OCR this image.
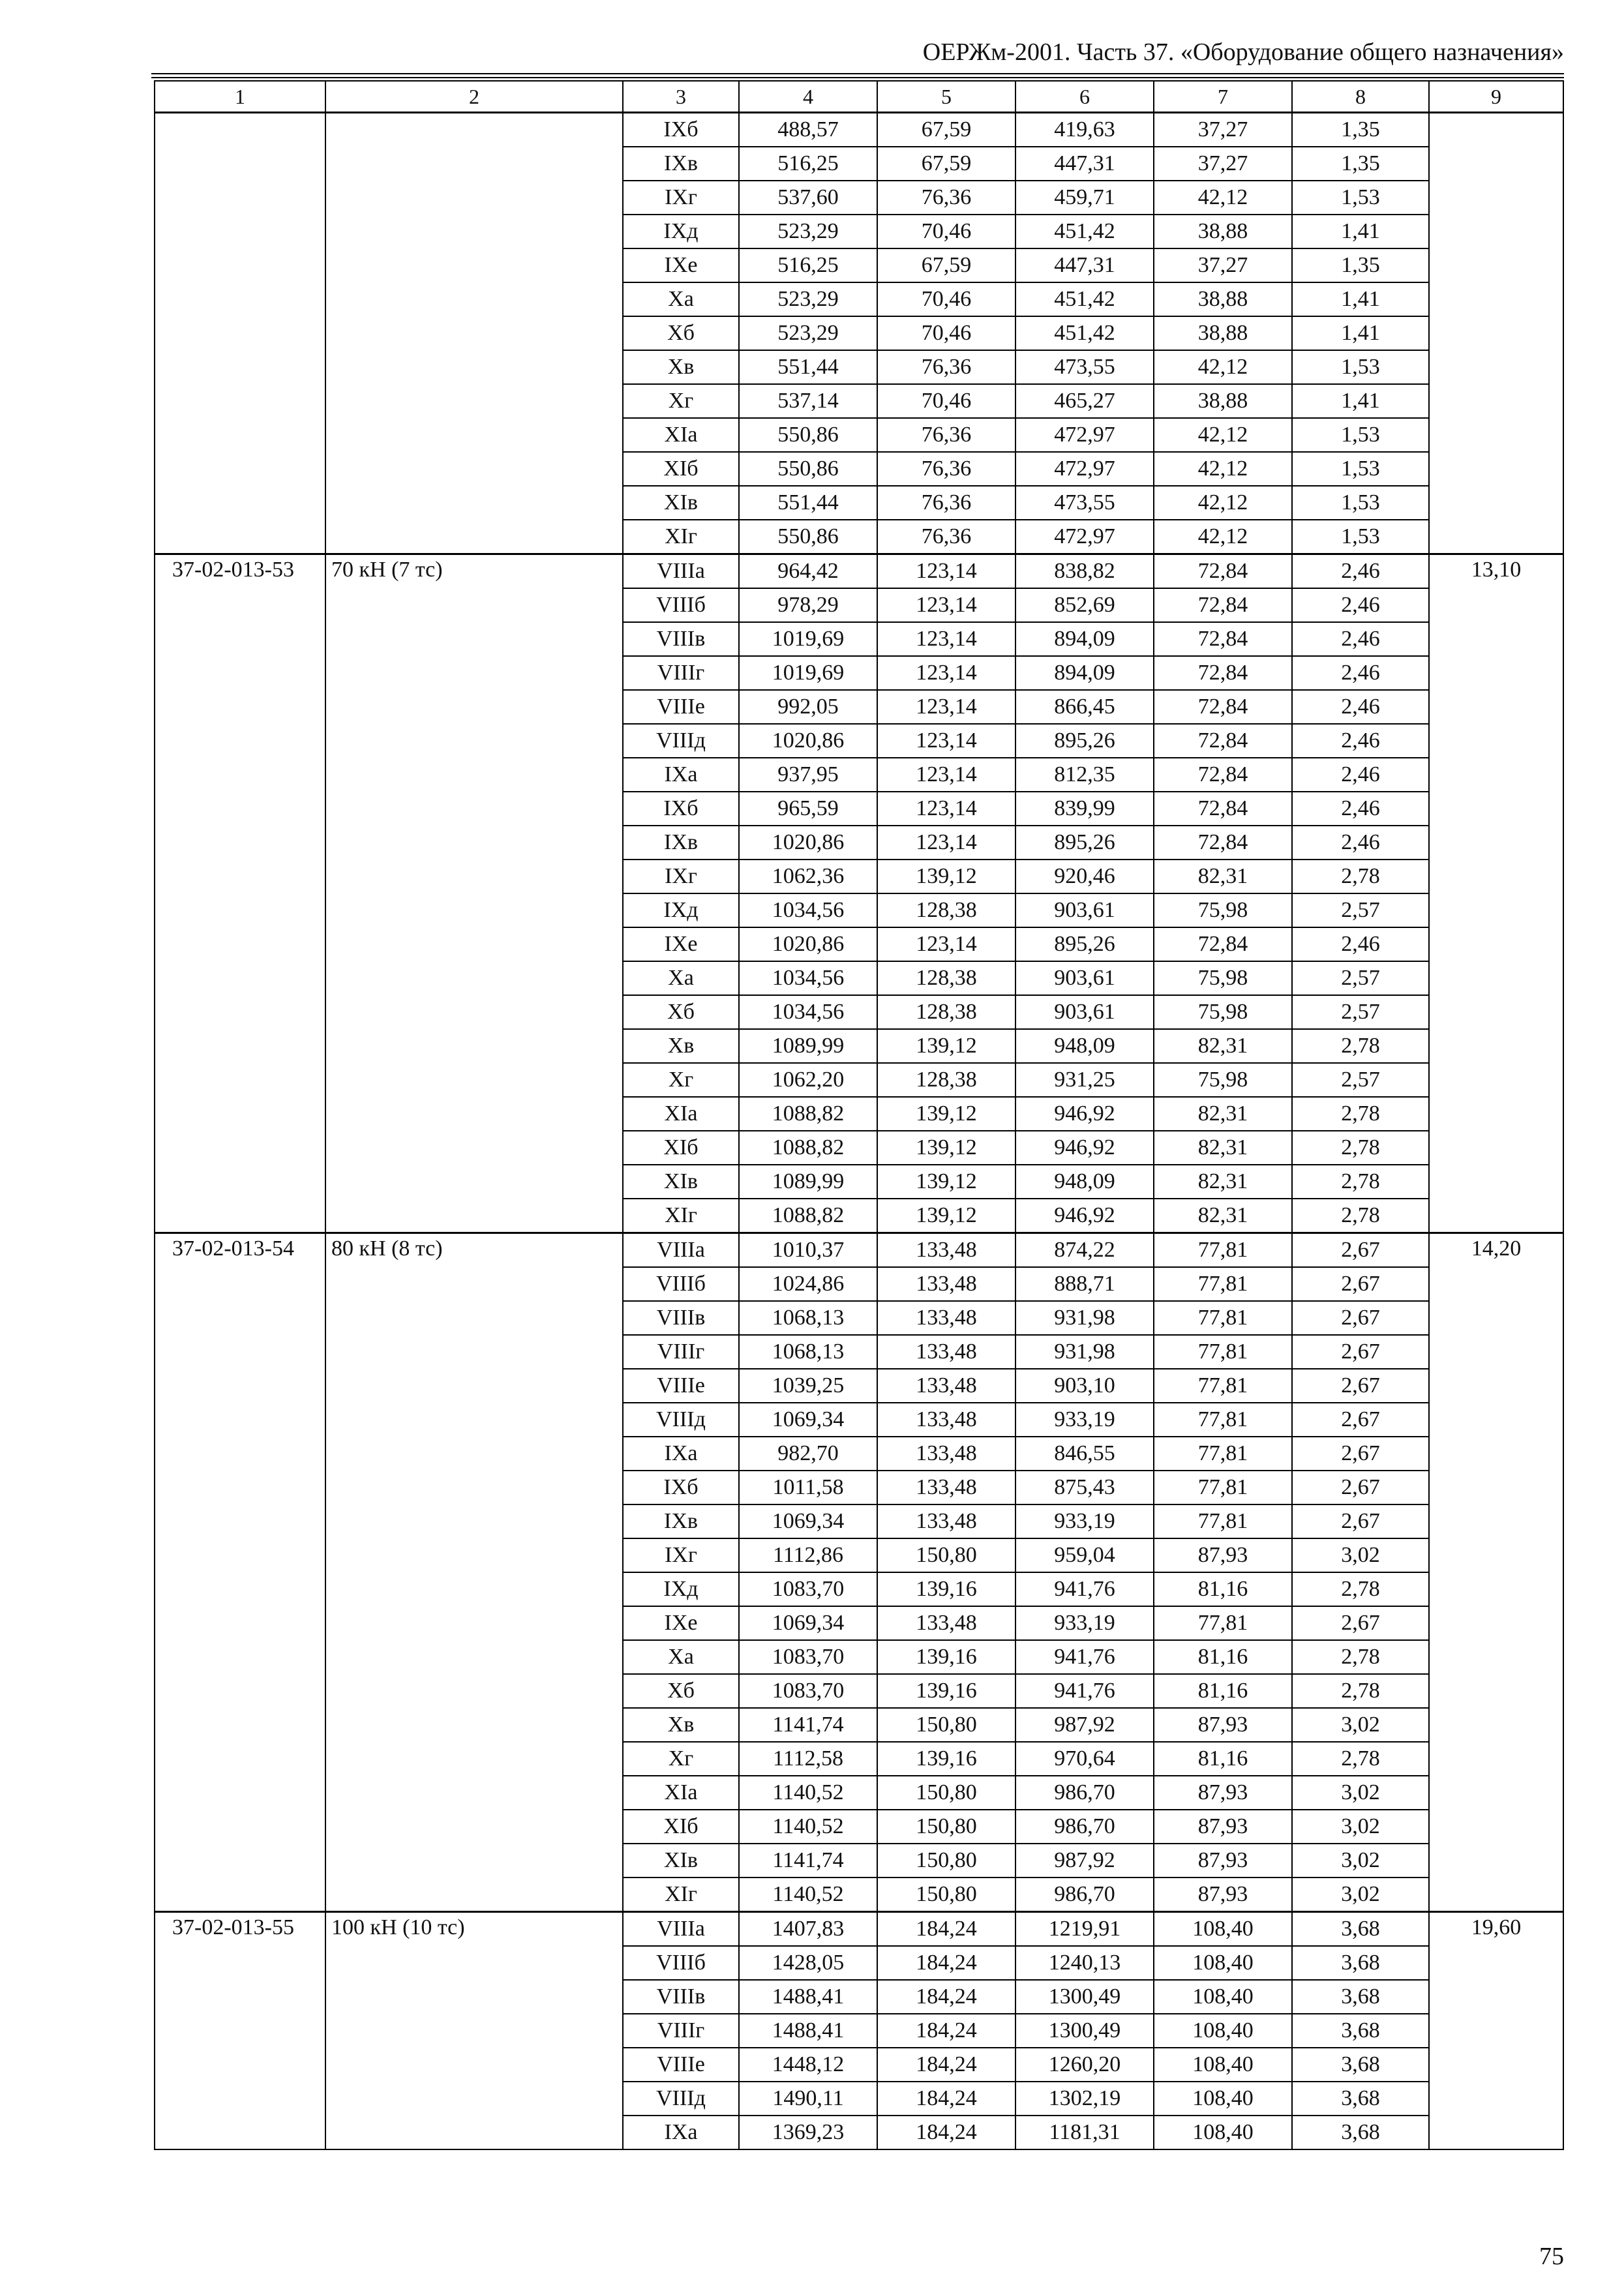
ОЕРЖм-2001. Часть 37. «Оборудование общего назначения»
1	2	3	4	5	6	7	8	9
		IXб	488,57	67,59	419,63	37,27	1,35	
		IXв	516,25	67,59	447,31	37,27	1,35	
		IXг	537,60	76,36	459,71	42,12	1,53	
		IXд	523,29	70,46	451,42	38,88	1,41	
		IXе	516,25	67,59	447,31	37,27	1,35	
		Xа	523,29	70,46	451,42	38,88	1,41	
		Xб	523,29	70,46	451,42	38,88	1,41	
		Xв	551,44	76,36	473,55	42,12	1,53	
		Xг	537,14	70,46	465,27	38,88	1,41	
		XIа	550,86	76,36	472,97	42,12	1,53	
		XIб	550,86	76,36	472,97	42,12	1,53	
		XIв	551,44	76,36	473,55	42,12	1,53	
		XIг	550,86	76,36	472,97	42,12	1,53	
37-02-013-53	70 кН (7 тс)	VIIIа	964,42	123,14	838,82	72,84	2,46	13,10
		VIIIб	978,29	123,14	852,69	72,84	2,46	
		VIIIв	1019,69	123,14	894,09	72,84	2,46	
		VIIIг	1019,69	123,14	894,09	72,84	2,46	
		VIIIе	992,05	123,14	866,45	72,84	2,46	
		VIIIд	1020,86	123,14	895,26	72,84	2,46	
		IXа	937,95	123,14	812,35	72,84	2,46	
		IXб	965,59	123,14	839,99	72,84	2,46	
		IXв	1020,86	123,14	895,26	72,84	2,46	
		IXг	1062,36	139,12	920,46	82,31	2,78	
		IXд	1034,56	128,38	903,61	75,98	2,57	
		IXе	1020,86	123,14	895,26	72,84	2,46	
		Xа	1034,56	128,38	903,61	75,98	2,57	
		Xб	1034,56	128,38	903,61	75,98	2,57	
		Xв	1089,99	139,12	948,09	82,31	2,78	
		Xг	1062,20	128,38	931,25	75,98	2,57	
		XIа	1088,82	139,12	946,92	82,31	2,78	
		XIб	1088,82	139,12	946,92	82,31	2,78	
		XIв	1089,99	139,12	948,09	82,31	2,78	
		XIг	1088,82	139,12	946,92	82,31	2,78	
37-02-013-54	80 кН (8 тс)	VIIIа	1010,37	133,48	874,22	77,81	2,67	14,20
		VIIIб	1024,86	133,48	888,71	77,81	2,67	
		VIIIв	1068,13	133,48	931,98	77,81	2,67	
		VIIIг	1068,13	133,48	931,98	77,81	2,67	
		VIIIе	1039,25	133,48	903,10	77,81	2,67	
		VIIIд	1069,34	133,48	933,19	77,81	2,67	
		IXа	982,70	133,48	846,55	77,81	2,67	
		IXб	1011,58	133,48	875,43	77,81	2,67	
		IXв	1069,34	133,48	933,19	77,81	2,67	
		IXг	1112,86	150,80	959,04	87,93	3,02	
		IXд	1083,70	139,16	941,76	81,16	2,78	
		IXе	1069,34	133,48	933,19	77,81	2,67	
		Xа	1083,70	139,16	941,76	81,16	2,78	
		Xб	1083,70	139,16	941,76	81,16	2,78	
		Xв	1141,74	150,80	987,92	87,93	3,02	
		Xг	1112,58	139,16	970,64	81,16	2,78	
		XIа	1140,52	150,80	986,70	87,93	3,02	
		XIб	1140,52	150,80	986,70	87,93	3,02	
		XIв	1141,74	150,80	987,92	87,93	3,02	
		XIг	1140,52	150,80	986,70	87,93	3,02	
37-02-013-55	100 кН (10 тс)	VIIIа	1407,83	184,24	1219,91	108,40	3,68	19,60
		VIIIб	1428,05	184,24	1240,13	108,40	3,68	
		VIIIв	1488,41	184,24	1300,49	108,40	3,68	
		VIIIг	1488,41	184,24	1300,49	108,40	3,68	
		VIIIе	1448,12	184,24	1260,20	108,40	3,68	
		VIIIд	1490,11	184,24	1302,19	108,40	3,68	
		IXа	1369,23	184,24	1181,31	108,40	3,68	
75
